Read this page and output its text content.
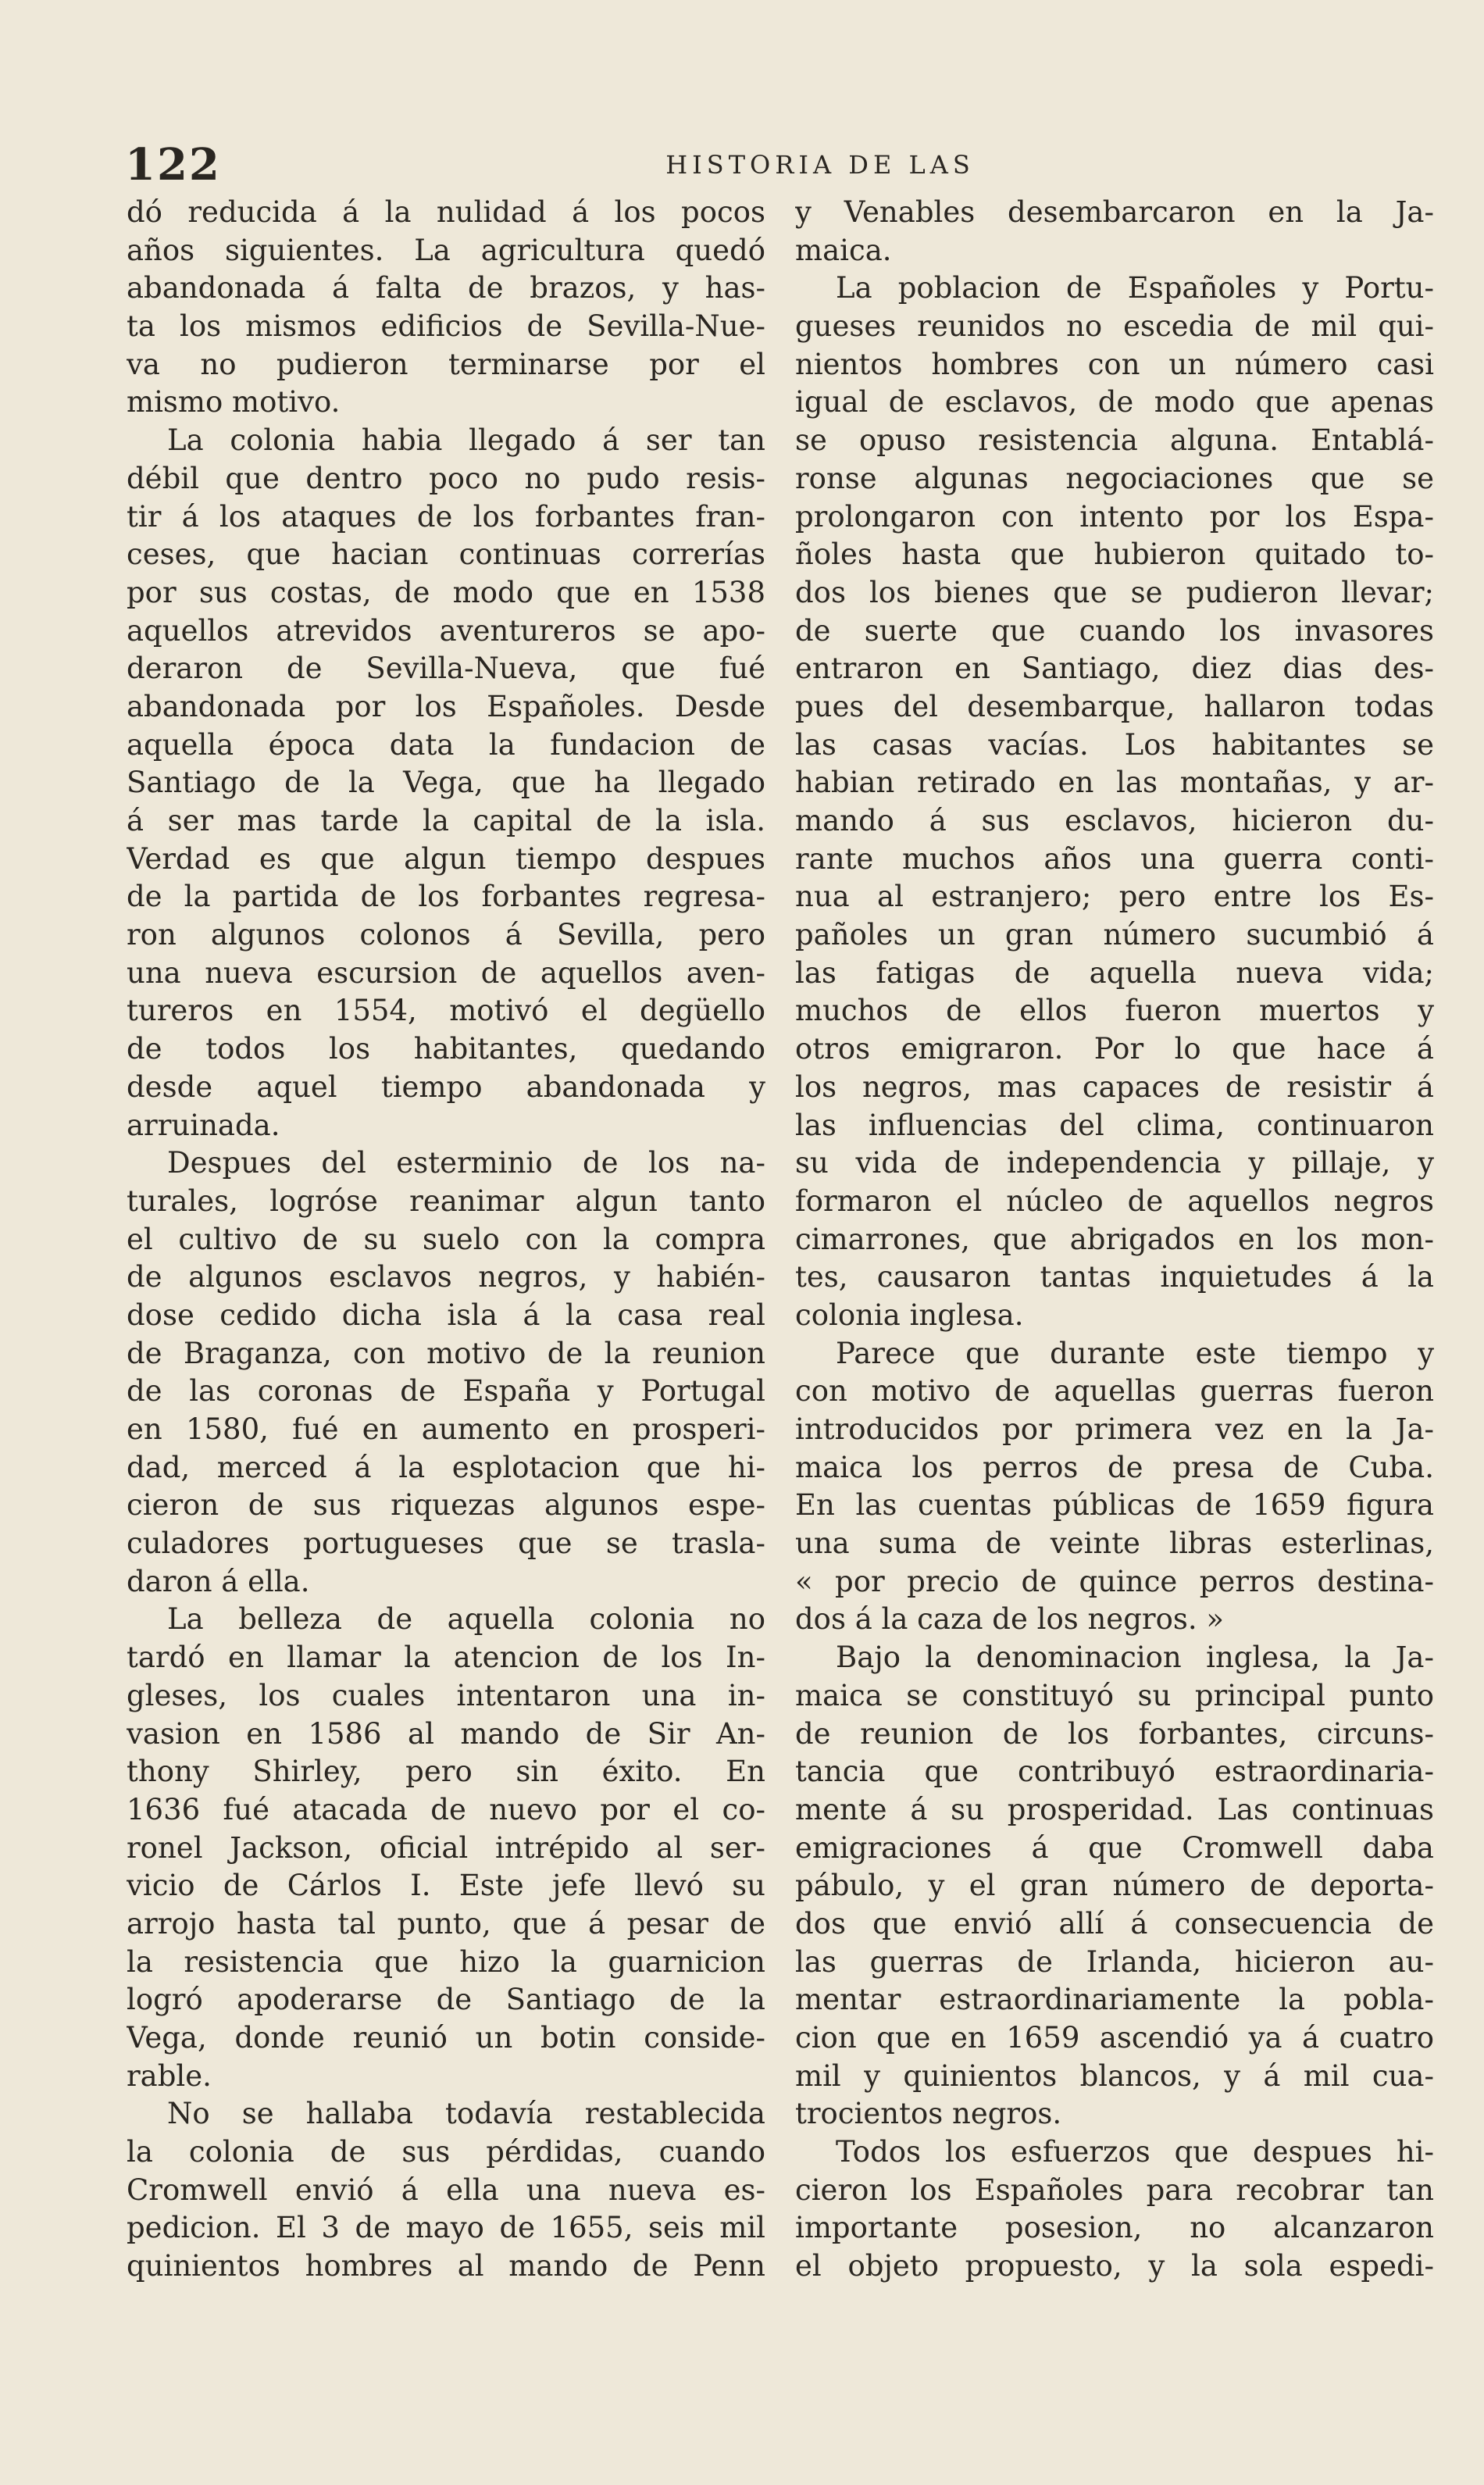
122	HISTORIA DE LAS
dó reducida á la nulidad á los pocos
años siguientes. La agricultura quedó
abandonada á falta de brazos, y has-
ta los mismos edificios de Sevilla-Nue-
va no pudieron terminarse por el
mismo motivo.
La colonia habia llegado á ser tan
débil que dentro poco no pudo resis-
tir á los ataques de los forbantes fran-
ceses, que hacian continuas correrías
por sus costas, de modo que en 1538
aquellos atrevidos aventureros se apo-
deraron de Sevilla-Nueva, que fué
abandonada por los Españoles. Desde
aquella época data la fundacion de
Santiago de la Vega, que ha llegado
á ser mas tarde la capital de la isla.
Verdad es que algun tiempo despues
de la partida de los forbantes regresa-
ron algunos colonos á Sevilla, pero
una nueva escursion de aquellos aven-
tureros en 1554, motivó el degüello
de todos los habitantes, quedando
desde aquel tiempo abandonada y
arruinada.
Despues del esterminio de los na-
turales, logróse reanimar algun tanto
el cultivo de su suelo con la compra
de algunos esclavos negros, y habién-
dose cedido dicha isla á la casa real
de Braganza, con motivo de la reunion
de las coronas de España y Portugal
en 1580, fué en aumento en prosperi-
dad, merced á la esplotacion que hi-
cieron de sus riquezas algunos espe-
culadores portugueses que se trasla-
daron á ella.
La belleza de aquella colonia no
tardó en llamar la atencion de los In-
gleses, los cuales intentaron una in-
vasion en 1586 al mando de Sir An-
thony Shirley, pero sin éxito. En
1636 fué atacada de nuevo por el co-
ronel Jackson, oficial intrépido al ser-
vicio de Cárlos I. Este jefe llevó su
arrojo hasta tal punto, que á pesar de
la resistencia que hizo la guarnicion
logró apoderarse de Santiago de la
Vega, donde reunió un botin conside-
rable.
No se hallaba todavía restablecida
la colonia de sus pérdidas, cuando
Cromwell envió á ella una nueva es-
pedicion. El 3 de mayo de 1655, seis mil
quinientos hombres al mando de Penn
y Venables desembarcaron en la Ja-
maica.
La poblacion de Españoles y Portu-
gueses reunidos no escedia de mil qui-
nientos hombres con un número casi
igual de esclavos, de modo que apenas
se opuso resistencia alguna. Entablá-
ronse algunas negociaciones que se
prolongaron con intento por los Espa-
ñoles hasta que hubieron quitado to-
dos los bienes que se pudieron llevar;
de suerte que cuando los invasores
entraron en Santiago, diez dias des-
pues del desembarque, hallaron todas
las casas vacías. Los habitantes se
habian retirado en las montañas, y ar-
mando á sus esclavos, hicieron du-
rante muchos años una guerra conti-
nua al estranjero; pero entre los Es-
pañoles un gran número sucumbió á
las fatigas de aquella nueva vida;
muchos de ellos fueron muertos y
otros emigraron. Por lo que hace á
los negros, mas capaces de resistir á
las influencias del clima, continuaron
su vida de independencia y pillaje, y
formaron el núcleo de aquellos negros
cimarrones, que abrigados en los mon-
tes, causaron tantas inquietudes á la
colonia inglesa.
Parece que durante este tiempo y
con motivo de aquellas guerras fueron
introducidos por primera vez en la Ja-
maica los perros de presa de Cuba.
En las cuentas públicas de 1659 figura
una suma de veinte libras esterlinas,
« por precio de quince perros destina-
dos á la caza de los negros. »
Bajo la denominacion inglesa, la Ja-
maica se constituyó su principal punto
de reunion de los forbantes, circuns-
tancia que contribuyó estraordinaria-
mente á su prosperidad. Las continuas
emigraciones á que Cromwell daba
pábulo, y el gran número de deporta-
dos que envió allí á consecuencia de
las guerras de Irlanda, hicieron au-
mentar estraordinariamente la pobla-
cion que en 1659 ascendió ya á cuatro
mil y quinientos blancos, y á mil cua-
trocientos negros.
Todos los esfuerzos que despues hi-
cieron los Españoles para recobrar tan
importante posesion, no alcanzaron
el objeto propuesto, y la sola espedi-
